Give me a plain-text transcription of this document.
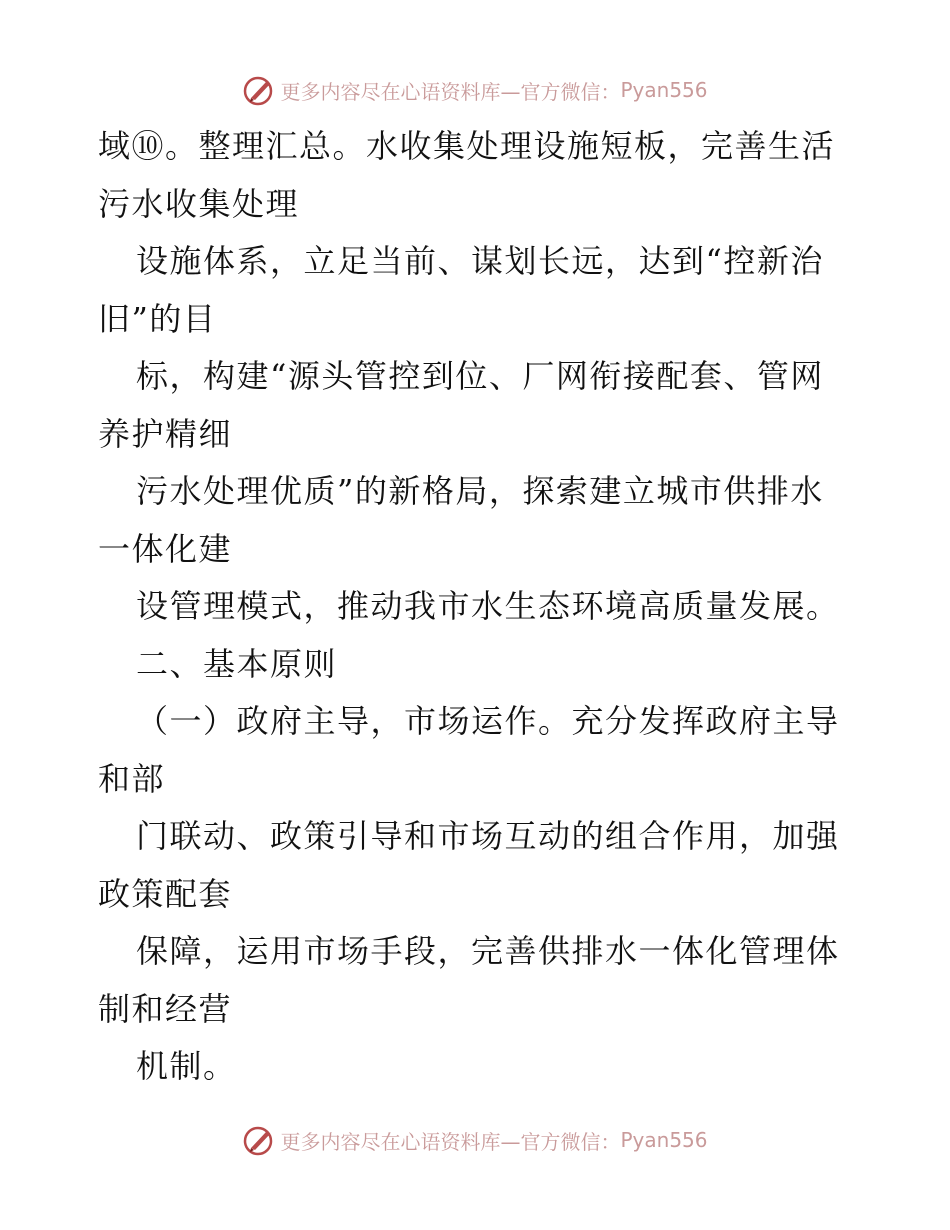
更多内容尽在心语资料库—官方微信： Pyan556
域⑩。整理汇总。水收集处理设施短板，完善生活
污水收集处理
设施体系，立足当前、谋划长远，达到“控新治
旧”的目
标，构建“源头管控到位、厂网衔接配套、管网
养护精细
污水处理优质”的新格局，探索建立城市供排水
一体化建
设管理模式，推动我市水生态环境高质量发展。
二、基本原则
（一）政府主导，市场运作。充分发挥政府主导
和部
门联动、政策引导和市场互动的组合作用，加强
政策配套
保障，运用市场手段，完善供排水一体化管理体
制和经营
机制。
更多内容尽在心语资料库—官方微信： Pyan556
